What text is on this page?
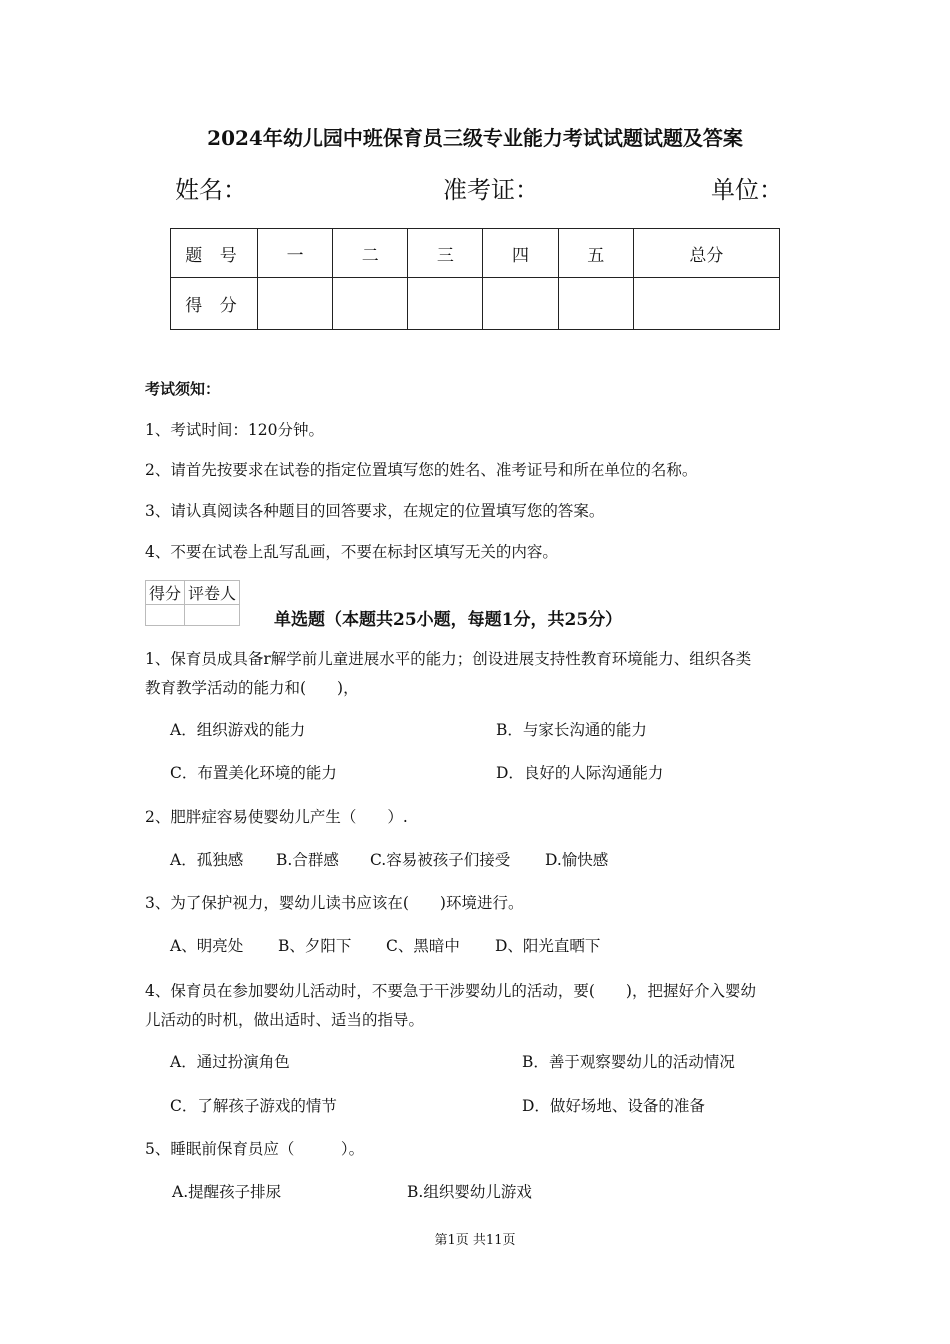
2024年幼儿园中班保育员三级专业能力考试试题试题及答案
姓名：	准考证：	单位：
题 号	一	二	三	四	五	总分
得 分						
考试须知：
1、考试时间：120分钟。
2、请首先按要求在试卷的指定位置填写您的姓名、准考证号和所在单位的名称。
3、请认真阅读各种题目的回答要求，在规定的位置填写您的答案。
4、不要在试卷上乱写乱画，不要在标封区填写无关的内容。
得分	评卷人

单选题（本题共25小题，每题1分，共25分）
1、保育员成具备r解学前儿童进展水平的能力；创设进展支持性教育环境能力、组织各类
教育教学活动的能力和(　　)，
A．组织游戏的能力	B．与家长沟通的能力
C．布置美化环境的能力	D．良好的人际沟通能力
2、肥胖症容易使婴幼儿产生（　　）.
A．孤独感 B.合群感 C.容易被孩子们接受 D.愉快感
3、为了保护视力，婴幼儿读书应该在(　　)环境进行。
A、明亮处 B、夕阳下 C、黑暗中 D、阳光直晒下
4、保育员在参加婴幼儿活动时，不要急于干涉婴幼儿的活动，要(　　)，把握好介入婴幼
儿活动的时机，做出适时、适当的指导。
A．通过扮演角色	B．善于观察婴幼儿的活动情况
C．了解孩子游戏的情节	D．做好场地、设备的准备
5、睡眠前保育员应（　　　）。
A.提醒孩子排尿	B.组织婴幼儿游戏
第1页 共11页
